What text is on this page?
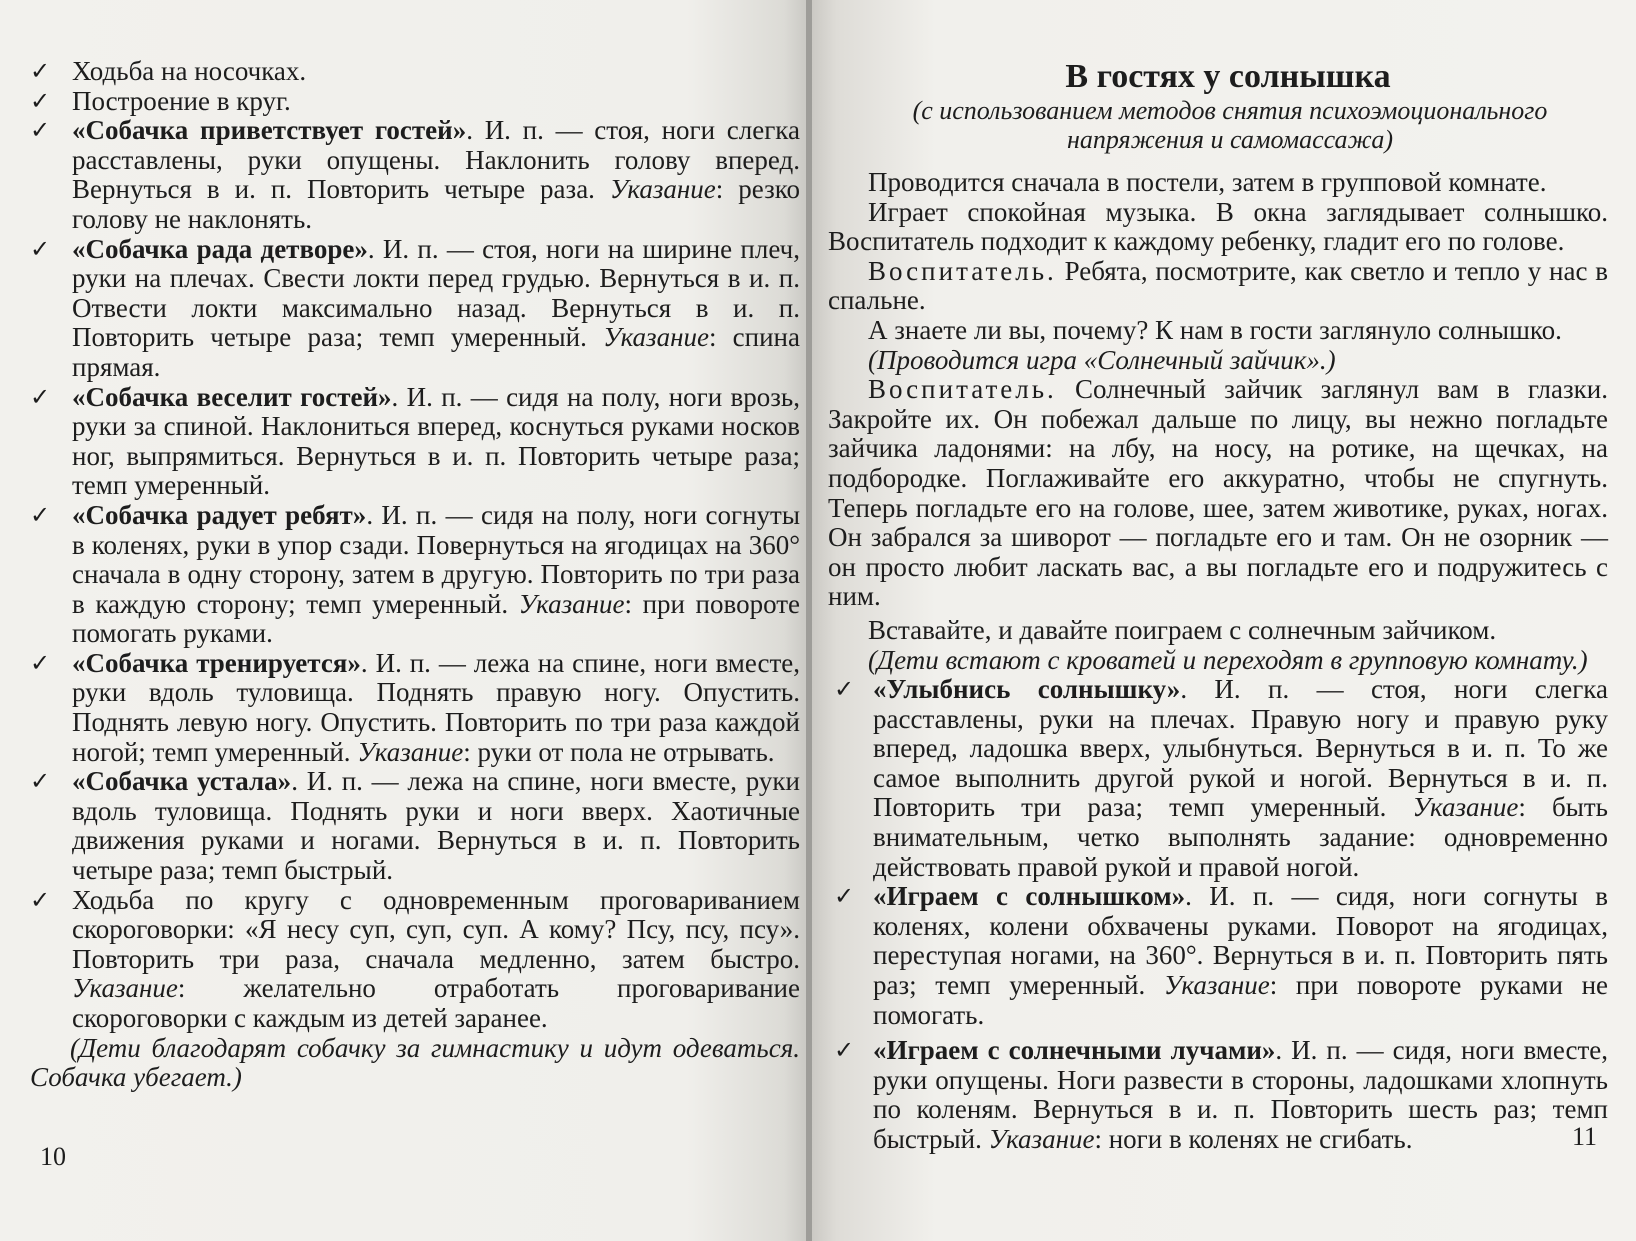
✓ Ходьба на носочках.
✓ Построение в круг.
✓ «Собачка приветствует гостей». И. п. — стоя, ноги слегка расставлены, руки опущены. Наклонить голову вперед. Вернуться в и. п. Повторить четыре раза. Указание: резко голову не наклонять.
✓ «Собачка рада детворе». И. п. — стоя, ноги на ширине плеч, руки на плечах. Свести локти перед грудью. Вернуться в и. п. Отвести локти максимально назад. Вернуться в и. п. Повторить четыре раза; темп умеренный. Указание: спина прямая.
✓ «Собачка веселит гостей». И. п. — сидя на полу, ноги врозь, руки за спиной. Наклониться вперед, коснуться руками носков ног, выпрямиться. Вернуться в и. п. Повторить четыре раза; темп умеренный.
✓ «Собачка радует ребят». И. п. — сидя на полу, ноги согнуты в коленях, руки в упор сзади. Повернуться на ягодицах на 360° сначала в одну сторону, затем в другую. Повторить по три раза в каждую сторону; темп умеренный. Указание: при повороте помогать руками.
✓ «Собачка тренируется». И. п. — лежа на спине, ноги вместе, руки вдоль туловища. Поднять правую ногу. Опустить. Поднять левую ногу. Опустить. Повторить по три раза каждой ногой; темп умеренный. Указание: руки от пола не отрывать.
✓ «Собачка устала». И. п. — лежа на спине, ноги вместе, руки вдоль туловища. Поднять руки и ноги вверх. Хаотичные движения руками и ногами. Вернуться в и. п. Повторить четыре раза; темп быстрый.
✓ Ходьба по кругу с одновременным проговариванием скороговорки: «Я несу суп, суп, суп. А кому? Псу, псу, псу». Повторить три раза, сначала медленно, затем быстро. Указание: желательно отработать проговаривание скороговорки с каждым из детей заранее.

(Дети благодарят собачку за гимнастику и идут одеваться. Собачка убегает.)

10
В гостях у солнышка
(с использованием методов снятия психоэмоционального напряжения и самомассажа)

Проводится сначала в постели, затем в групповой комнате.

Играет спокойная музыка. В окна заглядывает солнышко. Воспитатель подходит к каждому ребенку, гладит его по голове.

Воспитатель. Ребята, посмотрите, как светло и тепло у нас в спальне.

А знаете ли вы, почему? К нам в гости заглянуло солнышко.

(Проводится игра «Солнечный зайчик».)

Воспитатель. Солнечный зайчик заглянул вам в глазки. Закройте их. Он побежал дальше по лицу, вы нежно погладьте зайчика ладонями: на лбу, на носу, на ротике, на щечках, на подбородке. Поглаживайте его аккуратно, чтобы не спугнуть. Теперь погладьте его на голове, шее, затем животике, руках, ногах. Он забрался за шиворот — погладьте его и там. Он не озорник — он просто любит ласкать вас, а вы погладьте его и подружитесь с ним.

Вставайте, и давайте поиграем с солнечным зайчиком.

(Дети встают с кроватей и переходят в групповую комнату.)

✓ «Улыбнись солнышку». И. п. — стоя, ноги слегка расставлены, руки на плечах. Правую ногу и правую руку вперед, ладошка вверх, улыбнуться. Вернуться в и. п. То же самое выполнить другой рукой и ногой. Вернуться в и. п. Повторить три раза; темп умеренный. Указание: быть внимательным, четко выполнять задание: одновременно действовать правой рукой и правой ногой.
✓ «Играем с солнышком». И. п. — сидя, ноги согнуты в коленях, колени обхвачены руками. Поворот на ягодицах, переступая ногами, на 360°. Вернуться в и. п. Повторить пять раз; темп умеренный. Указание: при повороте руками не помогать.
✓ «Играем с солнечными лучами». И. п. — сидя, ноги вместе, руки опущены. Ноги развести в стороны, ладошками хлопнуть по коленям. Вернуться в и. п. Повторить шесть раз; темп быстрый. Указание: ноги в коленях не сгибать.	11
